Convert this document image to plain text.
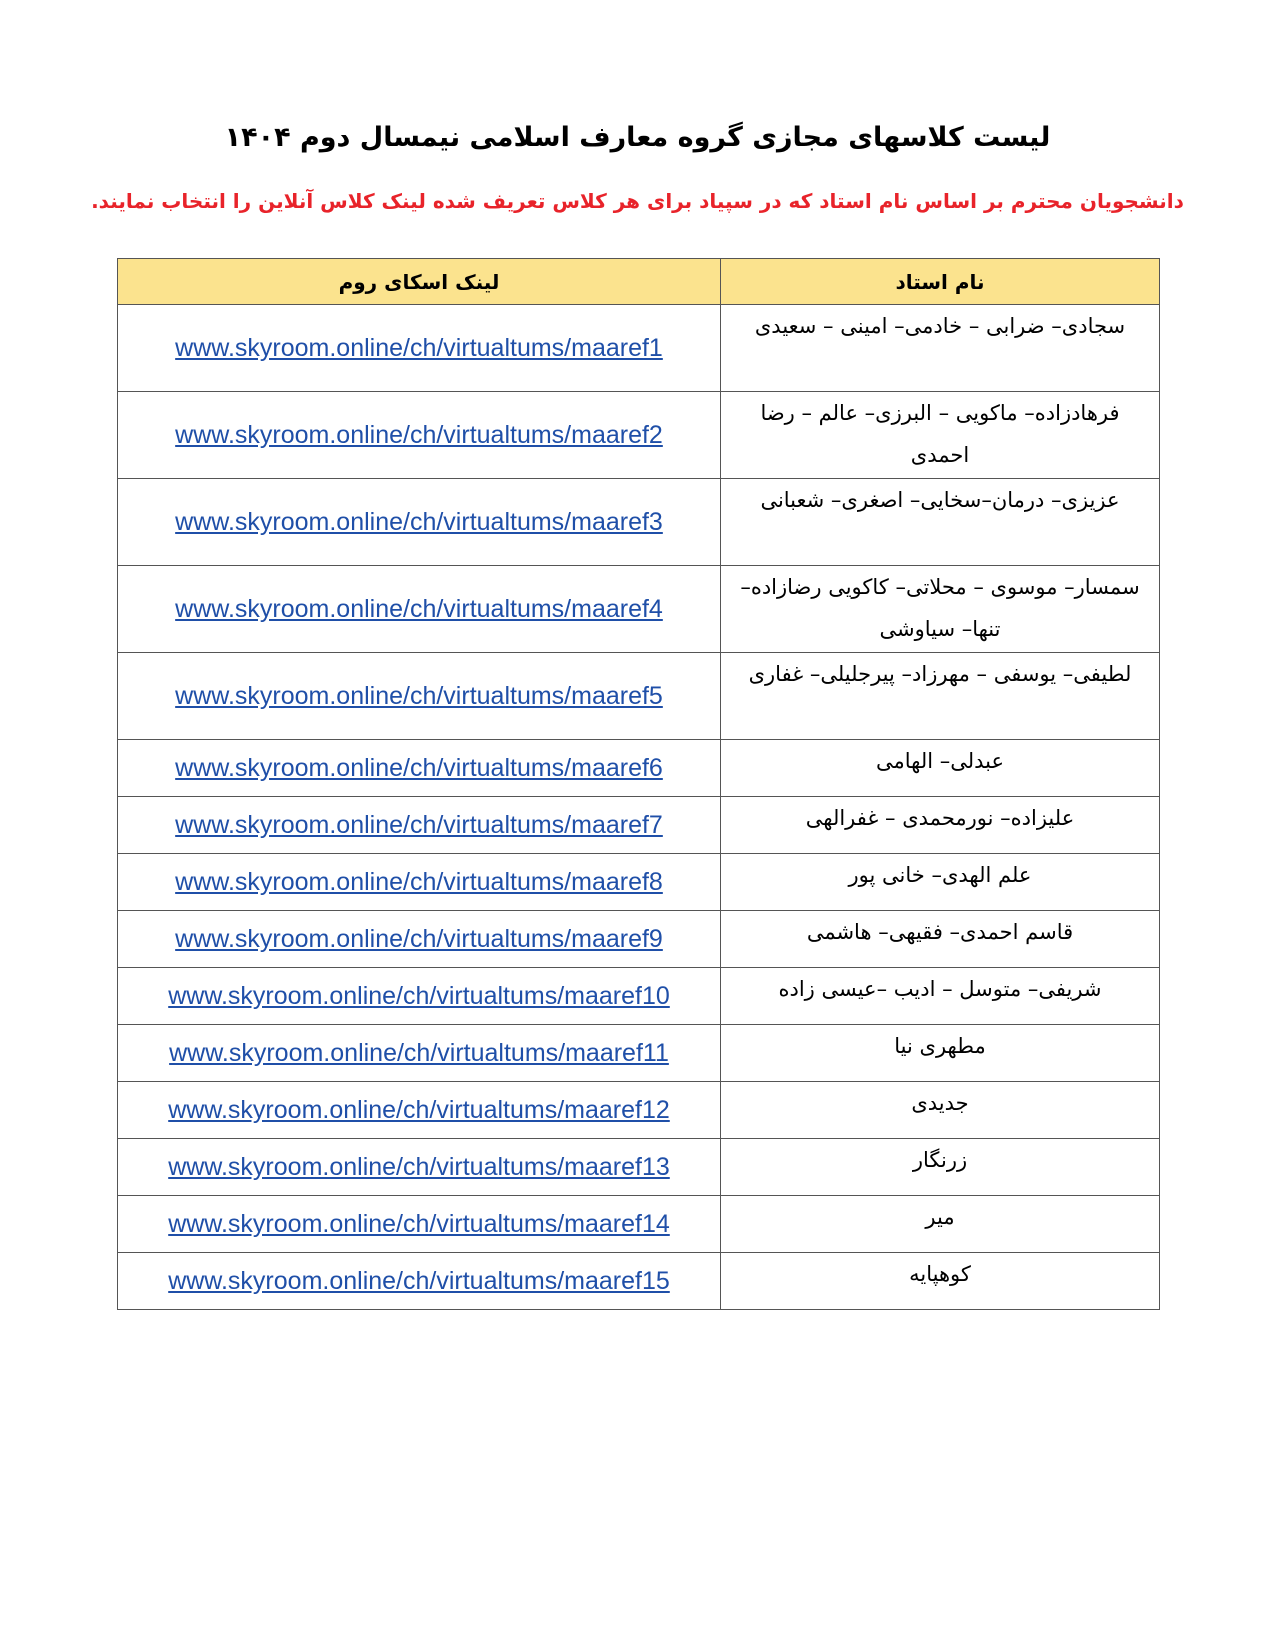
لیست کلاسهای مجازی گروه معارف اسلامی نیمسال دوم ۱۴۰۴
دانشجویان محترم بر اساس نام استاد که در سپیاد برای هر کلاس تعریف شده لینک کلاس آنلاین را انتخاب نمایند.
لینک اسکای روم	نام استاد
www.skyroom.online/ch/virtualtums/maaref1	سجادی– ضرابی – خادمی– امینی – سعیدی
www.skyroom.online/ch/virtualtums/maaref2	فرهادزاده– ماکویی – البرزی– عالم – رضا احمدی
www.skyroom.online/ch/virtualtums/maaref3	عزیزی– درمان–سخایی– اصغری– شعبانی
www.skyroom.online/ch/virtualtums/maaref4	سمسار– موسوی – محلاتی– کاکویی رضازاده– تنها– سیاوشی
www.skyroom.online/ch/virtualtums/maaref5	لطیفی– یوسفی – مهرزاد– پیرجلیلی– غفاری
www.skyroom.online/ch/virtualtums/maaref6	عبدلی– الهامی
www.skyroom.online/ch/virtualtums/maaref7	علیزاده– نورمحمدی – غفرالهی
www.skyroom.online/ch/virtualtums/maaref8	علم الهدی– خانی پور
www.skyroom.online/ch/virtualtums/maaref9	قاسم احمدی– فقیهی– هاشمی
www.skyroom.online/ch/virtualtums/maaref10	شریفی– متوسل – ادیب –عیسی زاده
www.skyroom.online/ch/virtualtums/maaref11	مطهری نیا
www.skyroom.online/ch/virtualtums/maaref12	جدیدی
www.skyroom.online/ch/virtualtums/maaref13	زرنگار
www.skyroom.online/ch/virtualtums/maaref14	میر
www.skyroom.online/ch/virtualtums/maaref15	کوهپایه
